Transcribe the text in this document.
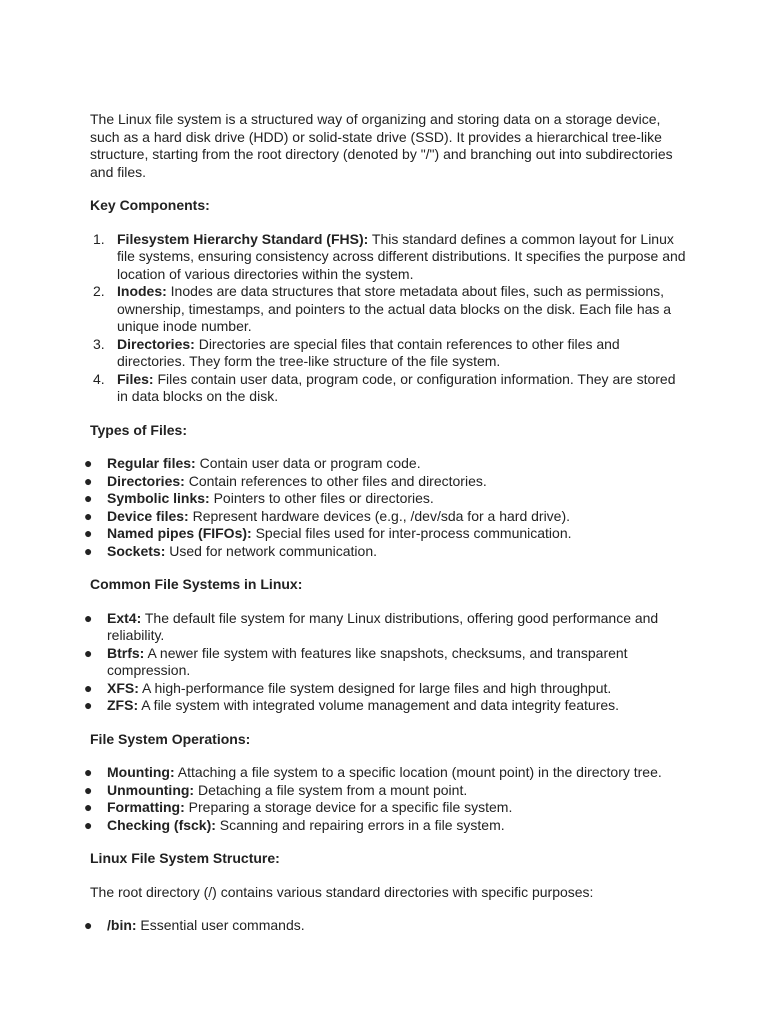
The Linux file system is a structured way of organizing and storing data on a storage device, such as a hard disk drive (HDD) or solid-state drive (SSD). It provides a hierarchical tree-like structure, starting from the root directory (denoted by "/") and branching out into subdirectories and files.

Key Components:

1. Filesystem Hierarchy Standard (FHS): This standard defines a common layout for Linux file systems, ensuring consistency across different distributions. It specifies the purpose and location of various directories within the system.
2. Inodes: Inodes are data structures that store metadata about files, such as permissions, ownership, timestamps, and pointers to the actual data blocks on the disk. Each file has a unique inode number.
3. Directories: Directories are special files that contain references to other files and directories. They form the tree-like structure of the file system.
4. Files: Files contain user data, program code, or configuration information. They are stored in data blocks on the disk.

Types of Files:

● Regular files: Contain user data or program code.
● Directories: Contain references to other files and directories.
● Symbolic links: Pointers to other files or directories.
● Device files: Represent hardware devices (e.g., /dev/sda for a hard drive).
● Named pipes (FIFOs): Special files used for inter-process communication.
● Sockets: Used for network communication.

Common File Systems in Linux:

● Ext4: The default file system for many Linux distributions, offering good performance and reliability.
● Btrfs: A newer file system with features like snapshots, checksums, and transparent compression.
● XFS: A high-performance file system designed for large files and high throughput.
● ZFS: A file system with integrated volume management and data integrity features.

File System Operations:

● Mounting: Attaching a file system to a specific location (mount point) in the directory tree.
● Unmounting: Detaching a file system from a mount point.
● Formatting: Preparing a storage device for a specific file system.
● Checking (fsck): Scanning and repairing errors in a file system.

Linux File System Structure:

The root directory (/) contains various standard directories with specific purposes:

● /bin: Essential user commands.
